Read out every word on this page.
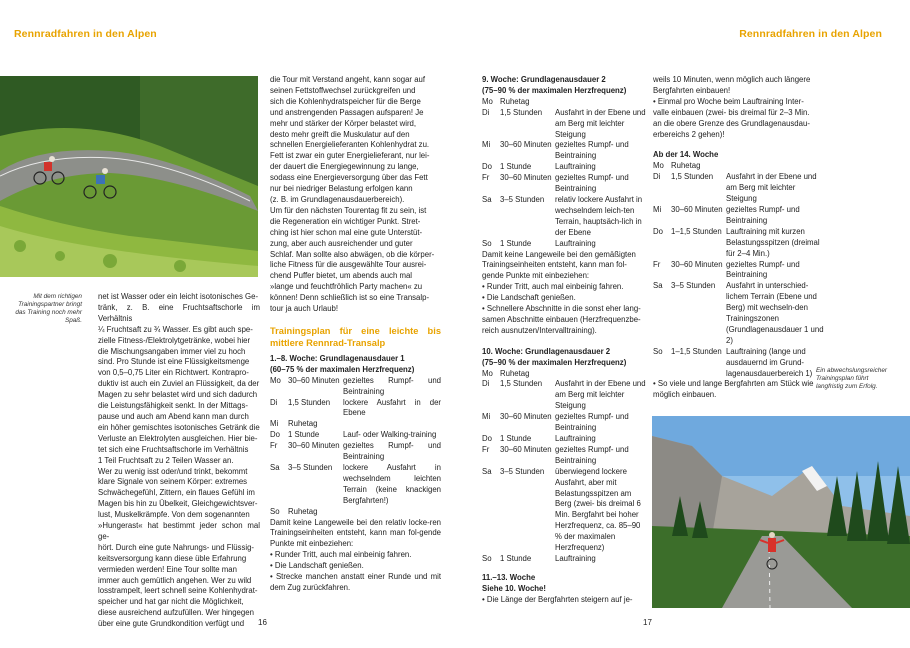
Rennradfahren in den Alpen	Rennradfahren in den Alpen
Mit dem richtigen Trainingspartner bringt das Training noch mehr Spaß.
net ist Wasser oder ein leicht isotonisches Ge-
tränk, z. B. eine Fruchtsaftschorle im Verhältnis
¼ Fruchtsaft zu ¾ Wasser. Es gibt auch spe-
zielle Fitness-/Elektrolytgetränke, wobei hier
die Mischungsangaben immer viel zu hoch
sind. Pro Stunde ist eine Flüssigkeitsmenge
von 0,5–0,75 Liter ein Richtwert. Kontrapro-
duktiv ist auch ein Zuviel an Flüssigkeit, da der
Magen zu sehr belastet wird und sich dadurch
die Leistungsfähigkeit senkt. In der Mittags-
pause und auch am Abend kann man durch
ein höher gemischtes isotonisches Getränk die
Verluste an Elektrolyten ausgleichen. Hier bie-
tet sich eine Fruchtsaftschorle im Verhältnis
1 Teil Fruchtsaft zu 2 Teilen Wasser an.
Wer zu wenig isst oder/und trinkt, bekommt
klare Signale von seinem Körper: extremes
Schwächegefühl, Zittern, ein flaues Gefühl im
Magen bis hin zu Übelkeit, Gleichgewichtsver-
lust, Muskelkrämpfe. Von dem sogenannten
»Hungerast« hat bestimmt jeder schon mal ge-
hört. Durch eine gute Nahrungs- und Flüssig-
keitsversorgung kann diese üble Erfahrung
vermieden werden! Eine Tour sollte man
immer auch gemütlich angehen. Wer zu wild
losstrampelt, leert schnell seine Kohlenhydrat-
speicher und hat gar nicht die Möglichkeit,
diese ausreichend aufzufüllen. Wer hingegen
über eine gute Grundkondition verfügt und
die Tour mit Verstand angeht, kann sogar auf
seinen Fettstoffwechsel zurückgreifen und
sich die Kohlenhydratspeicher für die Berge
und anstrengenden Passagen aufsparen! Je
mehr und stärker der Körper belastet wird,
desto mehr greift die Muskulatur auf den
schnellen Energielieferanten Kohlenhydrat zu.
Fett ist zwar ein guter Energielieferant, nur lei-
der dauert die Energiegewinnung zu lange,
sodass eine Energieversorgung über das Fett
nur bei niedriger Belastung erfolgen kann
(z. B. im Grundlagenausdauerbereich).
Um für den nächsten Tourentag fit zu sein, ist
die Regeneration ein wichtiger Punkt. Stret-
ching ist hier schon mal eine gute Unterstüt-
zung, aber auch ausreichender und guter
Schlaf. Man sollte also abwägen, ob die körper-
liche Fitness für die ausgewählte Tour ausrei-
chend Puffer bietet, um abends auch mal
»lange und feuchtfröhlich Party machen« zu
können! Denn schließlich ist so eine Transalp-
tour ja auch Urlaub!
Trainingsplan für eine leichte bis mittlere Rennrad-Transalp
1.–8. Woche: Grundlagenausdauer 1
(60–75 % der maximalen Herzfrequenz)
Mo 30–60 Minuten gezieltes Rumpf- und Beintraining
Di	1,5 Stunden	lockere Ausfahrt in der Ebene
Mi	Ruhetag
Do	1 Stunde	Lauf- oder Walking-training
Fr	30–60 Minuten gezieltes Rumpf- und Beintraining
Sa	3–5 Stunden	lockere Ausfahrt in wechselndem leichten Terrain (keine knackigen Bergfahrten!)
So	Ruhetag
Damit keine Langeweile bei den relativ locke-ren Trainingseinheiten entsteht, kann man fol-gende Punkte mit einbeziehen:
• Runder Tritt, auch mal einbeinig fahren.
• Die Landschaft genießen.
• Strecke manchen anstatt einer Runde und mit dem Zug zurückfahren.
16
9. Woche: Grundlagenausdauer 2
(75–90 % der maximalen Herzfrequenz)
Mo Ruhetag
Di	1,5 Stunden	Ausfahrt in der Ebene und am Berg mit leichter Steigung
Mi	30–60 Minuten gezieltes Rumpf- und Beintraining
Do	1 Stunde	Lauftraining
Fr	30–60 Minuten gezieltes Rumpf- und Beintraining
Sa	3–5 Stunden	relativ lockere Ausfahrt in wechselndem leich-ten Terrain, hauptsäch-lich in der Ebene
So	1 Stunde	Lauftraining
Damit keine Langeweile bei den gemäßigten Trainingseinheiten entsteht, kann man fol-gende Punkte mit einbeziehen:
• Runder Tritt, auch mal einbeinig fahren.
• Die Landschaft genießen.
• Schnellere Abschnitte in die sonst eher lang-samen Abschnitte einbauen (Herzfrequenzbe-reich ausnutzen/Intervalltraining).
10. Woche: Grundlagenausdauer 2
(75–90 % der maximalen Herzfrequenz)
Mo Ruhetag
Di	1,5 Stunden	Ausfahrt in der Ebene und am Berg mit leichter Steigung
Mi	30–60 Minuten gezieltes Rumpf- und Beintraining
Do	1 Stunde	Lauftraining
Fr	30–60 Minuten gezieltes Rumpf- und Beintraining
Sa	3–5 Stunden	überwiegend lockere Ausfahrt, aber mit Belastungsspitzen am Berg (zwei- bis dreimal 6 Min. Bergfahrt bei hoher Herzfrequenz, ca. 85–90 % der maximalen Herzfrequenz)
So	1 Stunde	Lauftraining
11.–13. Woche
Siehe 10. Woche!
• Die Länge der Bergfahrten steigern auf je-
weils 10 Minuten, wenn möglich auch längere
Bergfahrten einbauen!
• Einmal pro Woche beim Lauftraining Inter-
valle einbauen (zwei- bis dreimal für 2–3 Min.
an die obere Grenze des Grundlagenausdau-
erbereichs 2 gehen)!
Ab der 14. Woche
Mo Ruhetag
Di	1,5 Stunden	Ausfahrt in der Ebene und am Berg mit leichter Steigung
Mi	30–60 Minuten gezieltes Rumpf- und Beintraining
Do	1–1,5 Stunden Lauftraining mit kurzen Belastungsspitzen (dreimal für 2–4 Min.)
Fr	30–60 Minuten gezieltes Rumpf- und Beintraining
Sa	3–5 Stunden	Ausfahrt in unterschied-lichem Terrain (Ebene und Berg) mit wechseln-den Trainingszonen (Grundlagenausdauer 1 und 2)
So	1–1,5 Stunden Lauftraining (lange und ausdauernd im Grund-lagenausdauerbereich 1)
• So viele und lange Bergfahrten am Stück wie möglich einbauen.
Ein abwechslungsreicher Trainingsplan führt langfristig zum Erfolg.
17
